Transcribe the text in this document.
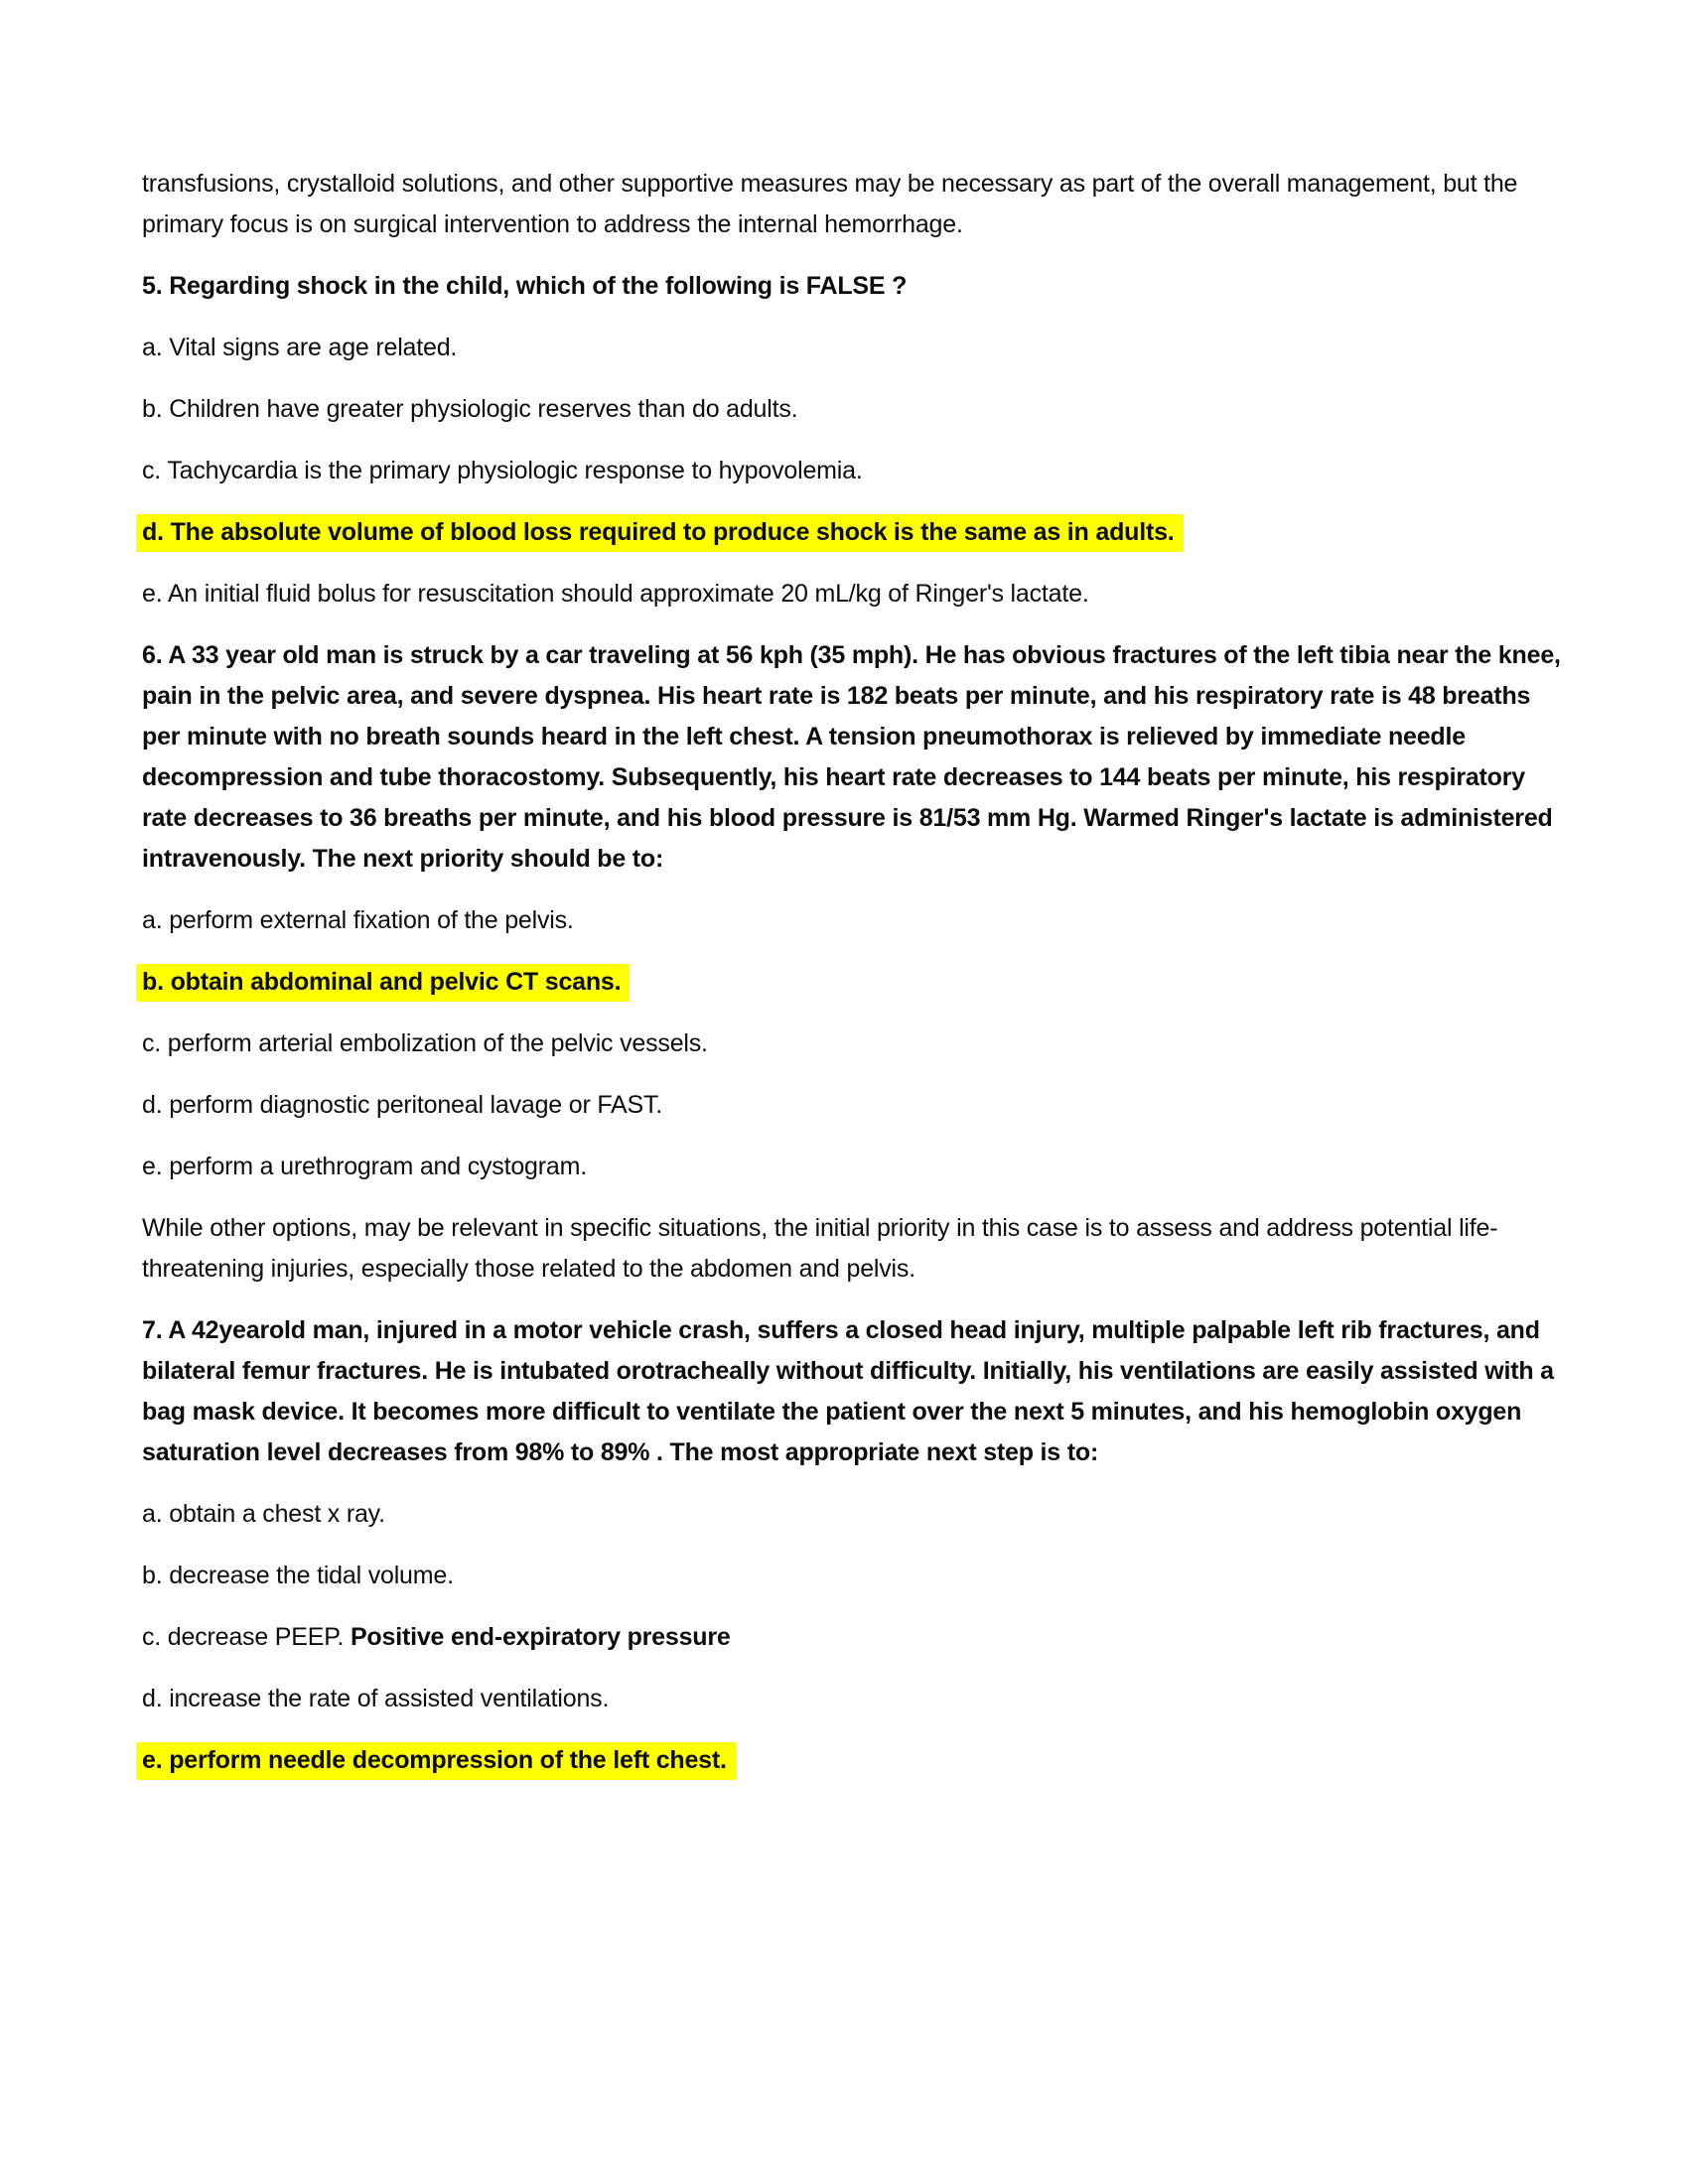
transfusions, crystalloid solutions, and other supportive measures may be necessary as part of the overall management, but the primary focus is on surgical intervention to address the internal hemorrhage.

5. Regarding shock in the child, which of the following is FALSE ?

a. Vital signs are age related.

b. Children have greater physiologic reserves than do adults.

c. Tachycardia is the primary physiologic response to hypovolemia.

d. The absolute volume of blood loss required to produce shock is the same as in adults.

e. An initial fluid bolus for resuscitation should approximate 20 mL/kg of Ringer's lactate.

6. A 33 year old man is struck by a car traveling at 56 kph (35 mph). He has obvious fractures of the left tibia near the knee, pain in the pelvic area, and severe dyspnea. His heart rate is 182 beats per minute, and his respiratory rate is 48 breaths per minute with no breath sounds heard in the left chest. A tension pneumothorax is relieved by immediate needle decompression and tube thoracostomy. Subsequently, his heart rate decreases to 144 beats per minute, his respiratory rate decreases to 36 breaths per minute, and his blood pressure is 81/53 mm Hg. Warmed Ringer's lactate is administered intravenously. The next priority should be to:

a. perform external fixation of the pelvis.

b. obtain abdominal and pelvic CT scans.

c. perform arterial embolization of the pelvic vessels.

d. perform diagnostic peritoneal lavage or FAST.

e. perform a urethrogram and cystogram.

While other options, may be relevant in specific situations, the initial priority in this case is to assess and address potential life-threatening injuries, especially those related to the abdomen and pelvis.

7. A 42yearold man, injured in a motor vehicle crash, suffers a closed head injury, multiple palpable left rib fractures, and bilateral femur fractures. He is intubated orotracheally without difficulty. Initially, his ventilations are easily assisted with a bag mask device. It becomes more difficult to ventilate the patient over the next 5 minutes, and his hemoglobin oxygen saturation level decreases from 98% to 89% . The most appropriate next step is to:

a. obtain a chest x ray.

b. decrease the tidal volume.

c. decrease PEEP. Positive end-expiratory pressure

d. increase the rate of assisted ventilations.

e. perform needle decompression of the left chest.
